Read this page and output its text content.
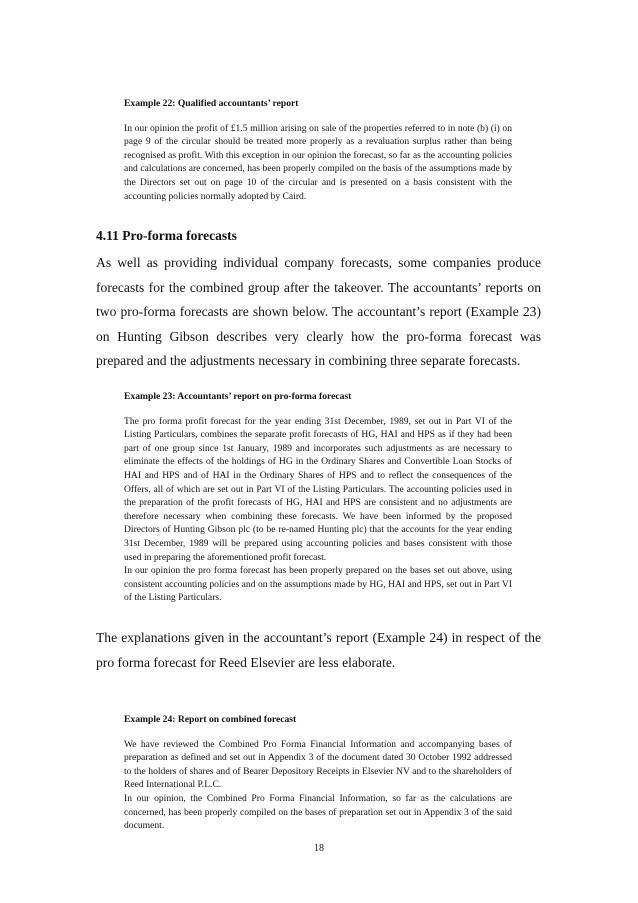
Example 22: Qualified accountants’ report

In our opinion the profit of £1.5 million arising on sale of the properties referred to in note (b) (i) on page 9 of the circular should be treated more properly as a revaluation surplus rather than being recognised as profit. With this exception in our opinion the forecast, so far as the accounting policies and calculations are concerned, has been properly compiled on the basis of the assumptions made by the Directors set out on page 10 of the circular and is presented on a basis consistent with the accounting policies normally adopted by Caird.

4.11 Pro-forma forecasts

As well as providing individual company forecasts, some companies produce forecasts for the combined group after the takeover. The accountants’ reports on two pro-forma forecasts are shown below. The accountant’s report (Example 23) on Hunting Gibson describes very clearly how the pro-forma forecast was prepared and the adjustments necessary in combining three separate forecasts.

Example 23: Accountants’ report on pro-forma forecast

The pro forma profit forecast for the year ending 31st December, 1989, set out in Part VI of the Listing Particulars, combines the separate profit forecasts of HG, HAI and HPS as if they had been part of one group since 1st January, 1989 and incorporates such adjustments as are necessary to eliminate the effects of the holdings of HG in the Ordinary Shares and Convertible Loan Stocks of HAI and HPS and of HAI in the Ordinary Shares of HPS and to reflect the consequences of the Offers, all of which are set out in Part VI of the Listing Particulars. The accounting policies used in the preparation of the profit forecasts of HG, HAI and HPS are consistent and no adjustments are therefore necessary when combining these forecasts. We have been informed by the proposed Directors of Hunting Gibson plc (to be re-named Hunting plc) that the accounts for the year ending 31st December, 1989 will be prepared using accounting policies and bases consistent with those used in preparing the aforementioned profit forecast.

In our opinion the pro forma forecast has been properly prepared on the bases set out above, using consistent accounting policies and on the assumptions made by HG, HAI and HPS, set out in Part VI of the Listing Particulars.

The explanations given in the accountant’s report (Example 24) in respect of the pro forma forecast for Reed Elsevier are less elaborate.

Example 24: Report on combined forecast

We have reviewed the Combined Pro Forma Financial Information and accompanying bases of preparation as defined and set out in Appendix 3 of the document dated 30 October 1992 addressed to the holders of shares and of Bearer Depository Receipts in Elsevier NV and to the shareholders of Reed International P.L.C.

In our opinion, the Combined Pro Forma Financial Information, so far as the calculations are concerned, has been properly compiled on the bases of preparation set out in Appendix 3 of the said document.

18
